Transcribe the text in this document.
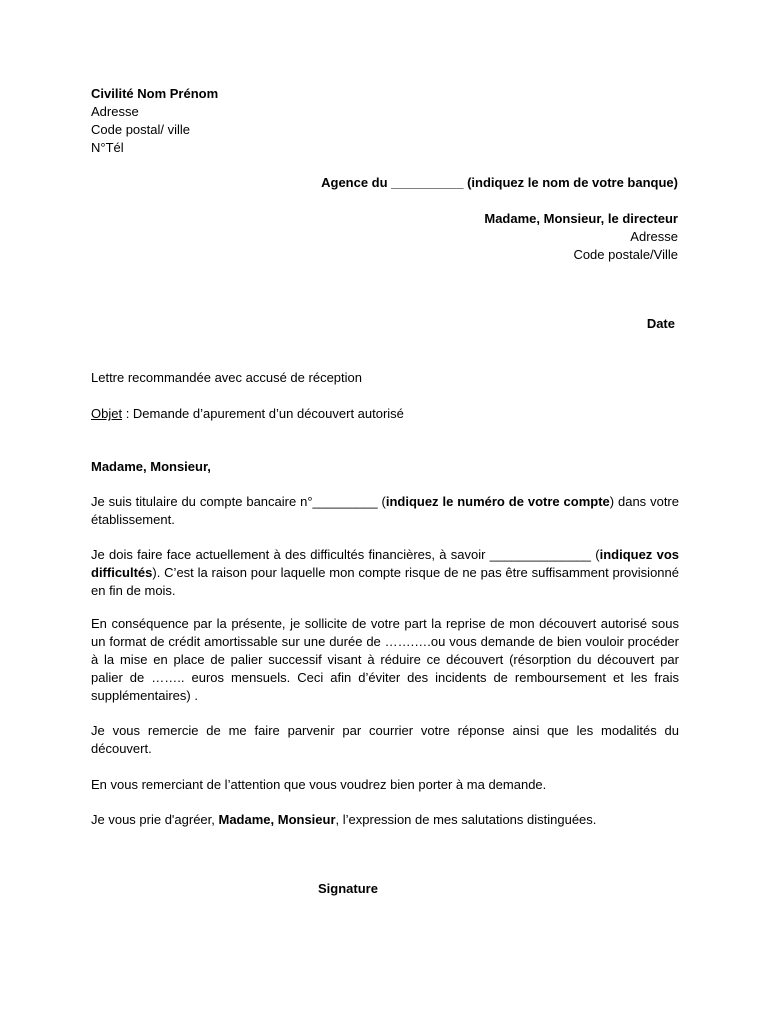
Civilité Nom Prénom
Adresse
Code postal/ ville
N°Tél
Agence du __________ (indiquez le nom de votre banque)
Madame, Monsieur, le directeur
Adresse
Code postale/Ville
Date
Lettre recommandée avec accusé de réception
Objet : Demande d’apurement d’un découvert autorisé
Madame, Monsieur,
Je suis titulaire du compte bancaire n°_________ (indiquez le numéro de votre compte) dans votre établissement.
Je dois faire face actuellement à des difficultés financières, à savoir ______________ (indiquez vos difficultés). C’est la raison pour laquelle mon compte risque de ne pas être suffisamment provisionné en fin de mois.
En conséquence par la présente, je sollicite de votre part la reprise de mon découvert autorisé sous un format de crédit amortissable sur une durée de …….….ou vous demande de bien vouloir procéder à la mise en place de palier successif visant à réduire ce découvert (résorption du découvert par palier de …….. euros mensuels. Ceci afin d’éviter des incidents de remboursement et les frais supplémentaires) .
Je vous remercie de me faire parvenir par courrier votre réponse ainsi que les modalités du découvert.
En vous remerciant de l’attention que vous voudrez bien porter à ma demande.
Je vous prie d'agréer, Madame, Monsieur, l’expression de mes salutations distinguées.
Signature
